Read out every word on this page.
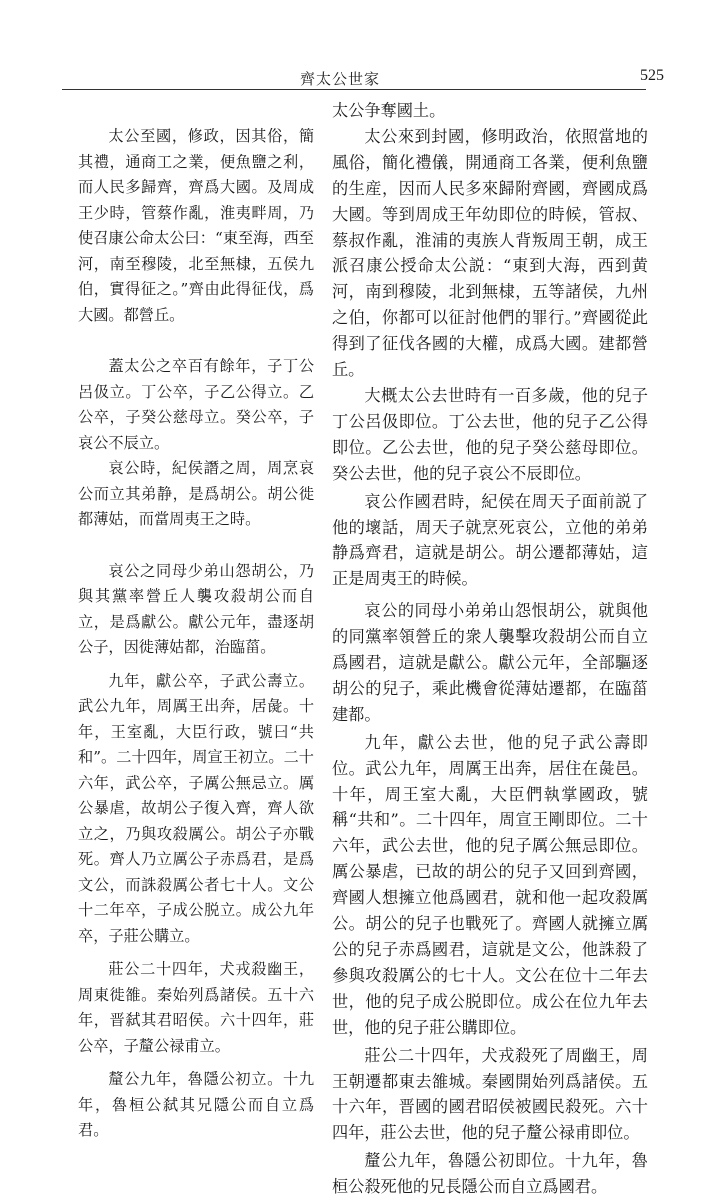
齊太公世家	525

太公至國，修政，因其俗，簡其禮，通商工之業，便魚鹽之利，而人民多歸齊，齊爲大國。及周成王少時，管蔡作亂，淮夷畔周，乃使召康公命太公曰：“東至海，西至河，南至穆陵，北至無棣，五侯九伯，實得征之。”齊由此得征伐，爲大國。都營丘。

蓋太公之卒百有餘年，子丁公呂伋立。丁公卒，子乙公得立。乙公卒，子癸公慈母立。癸公卒，子哀公不辰立。

哀公時，紀侯譖之周，周烹哀公而立其弟静，是爲胡公。胡公徙都薄姑，而當周夷王之時。

哀公之同母少弟山怨胡公，乃與其黨率營丘人襲攻殺胡公而自立，是爲獻公。獻公元年，盡逐胡公子，因徙薄姑都，治臨菑。

九年，獻公卒，子武公壽立。武公九年，周厲王出奔，居彘。十年，王室亂，大臣行政，號曰“共和”。二十四年，周宣王初立。二十六年，武公卒，子厲公無忌立。厲公暴虐，故胡公子復入齊，齊人欲立之，乃與攻殺厲公。胡公子亦戰死。齊人乃立厲公子赤爲君，是爲文公，而誅殺厲公者七十人。文公十二年卒，子成公脱立。成公九年卒，子莊公購立。

莊公二十四年，犬戎殺幽王，周東徙雒。秦始列爲諸侯。五十六年，晋弑其君昭侯。六十四年，莊公卒，子釐公禄甫立。

釐公九年，魯隱公初立。十九年，魯桓公弑其兄隱公而自立爲君。

太公争奪國土。

太公來到封國，修明政治，依照當地的風俗，簡化禮儀，開通商工各業，便利魚鹽的生産，因而人民多來歸附齊國，齊國成爲大國。等到周成王年幼即位的時候，管叔、蔡叔作亂，淮浦的夷族人背叛周王朝，成王派召康公授命太公説：“東到大海，西到黄河，南到穆陵，北到無棣，五等諸侯，九州之伯，你都可以征討他們的罪行。”齊國從此得到了征伐各國的大權，成爲大國。建都營丘。

大概太公去世時有一百多歲，他的兒子丁公呂伋即位。丁公去世，他的兒子乙公得即位。乙公去世，他的兒子癸公慈母即位。癸公去世，他的兒子哀公不辰即位。

哀公作國君時，紀侯在周天子面前説了他的壞話，周天子就烹死哀公，立他的弟弟静爲齊君，這就是胡公。胡公遷都薄姑，這正是周夷王的時候。

哀公的同母小弟弟山怨恨胡公，就與他的同黨率領營丘的衆人襲擊攻殺胡公而自立爲國君，這就是獻公。獻公元年，全部驅逐胡公的兒子，乘此機會從薄姑遷都，在臨菑建都。

九年，獻公去世，他的兒子武公壽即位。武公九年，周厲王出奔，居住在彘邑。十年，周王室大亂，大臣們執掌國政，號稱“共和”。二十四年，周宣王剛即位。二十六年，武公去世，他的兒子厲公無忌即位。厲公暴虐，已故的胡公的兒子又回到齊國，齊國人想擁立他爲國君，就和他一起攻殺厲公。胡公的兒子也戰死了。齊國人就擁立厲公的兒子赤爲國君，這就是文公，他誅殺了參與攻殺厲公的七十人。文公在位十二年去世，他的兒子成公脱即位。成公在位九年去世，他的兒子莊公購即位。

莊公二十四年，犬戎殺死了周幽王，周王朝遷都東去雒城。秦國開始列爲諸侯。五十六年，晋國的國君昭侯被國民殺死。六十四年，莊公去世，他的兒子釐公禄甫即位。

釐公九年，魯隱公初即位。十九年，魯桓公殺死他的兄長隱公而自立爲國君。
